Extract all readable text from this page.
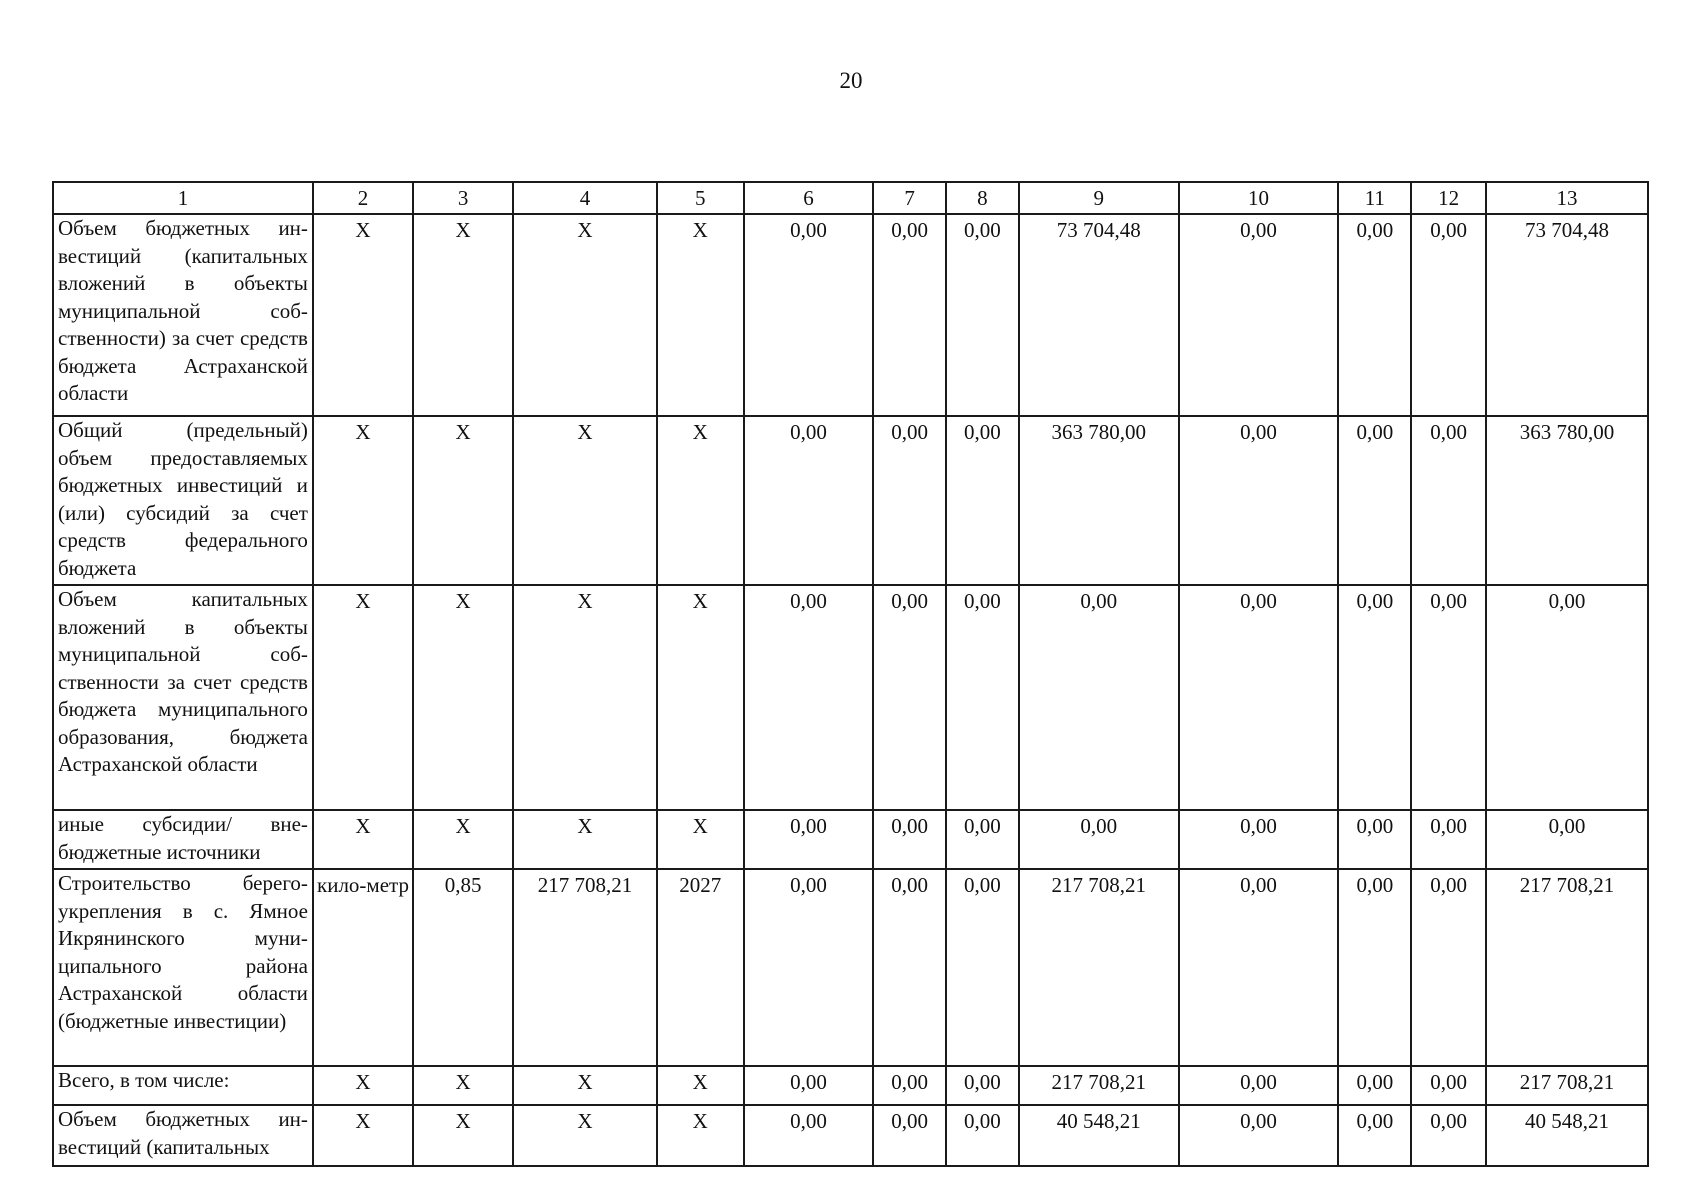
20
1	2	3	4	5	6	7	8	9	10	11	12	13
Объем бюджетных инвестиций (капитальных вложений в объекты муниципальной собственности) за счет средств бюджета Астраханской области	X	X	X	X	0,00	0,00	0,00	73 704,48	0,00	0,00	0,00	73 704,48
Общий (предельный) объем предоставляемых бюджетных инвестиций и (или) субсидий за счет средств федерального бюджета	X	X	X	X	0,00	0,00	0,00	363 780,00	0,00	0,00	0,00	363 780,00
Объем капитальных вложений в объекты муниципальной собственности за счет средств бюджета муниципального образования, бюджета Астраханской области	X	X	X	X	0,00	0,00	0,00	0,00	0,00	0,00	0,00	0,00
иные субсидии/ внебюджетные источники	X	X	X	X	0,00	0,00	0,00	0,00	0,00	0,00	0,00	0,00
Строительство берегоукрепления в с. Ямное Икрянинского муниципального района Астраханской области (бюджетные инвестиции)	кило-метр	0,85	217 708,21	2027	0,00	0,00	0,00	217 708,21	0,00	0,00	0,00	217 708,21
Всего, в том числе:	X	X	X	X	0,00	0,00	0,00	217 708,21	0,00	0,00	0,00	217 708,21
Объем бюджетных инвестиций (капитальных	X	X	X	X	0,00	0,00	0,00	40 548,21	0,00	0,00	0,00	40 548,21
